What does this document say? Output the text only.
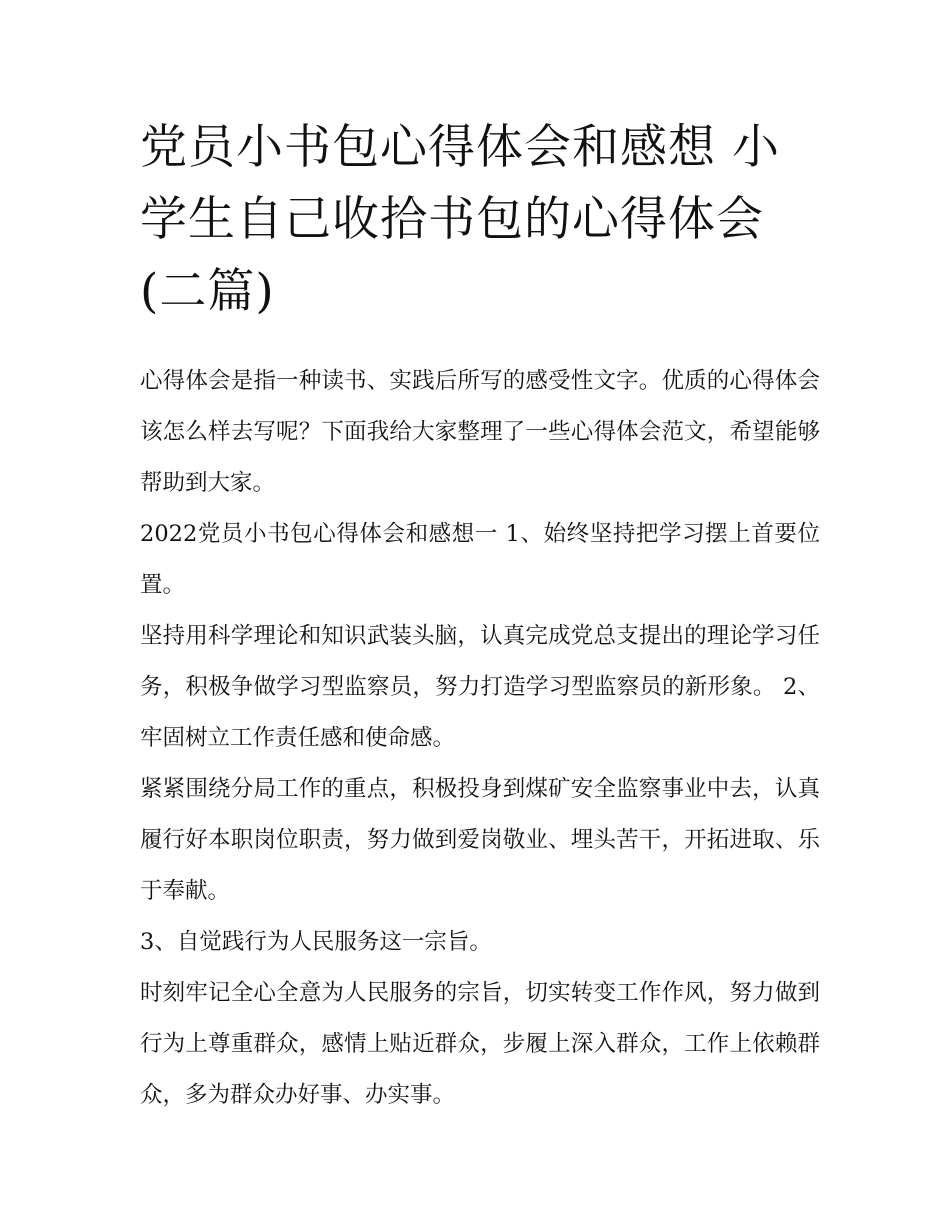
党员小书包心得体会和感想 小学生自己收拾书包的心得体会(二篇)

心得体会是指一种读书、实践后所写的感受性文字。优质的心得体会该怎么样去写呢？下面我给大家整理了一些心得体会范文，希望能够帮助到大家。

2022党员小书包心得体会和感想一 1、始终坚持把学习摆上首要位置。

坚持用科学理论和知识武装头脑，认真完成党总支提出的理论学习任务，积极争做学习型监察员，努力打造学习型监察员的新形象。 2、牢固树立工作责任感和使命感。

紧紧围绕分局工作的重点，积极投身到煤矿安全监察事业中去，认真履行好本职岗位职责，努力做到爱岗敬业、埋头苦干，开拓进取、乐于奉献。

3、自觉践行为人民服务这一宗旨。

时刻牢记全心全意为人民服务的宗旨，切实转变工作作风，努力做到行为上尊重群众，感情上贴近群众，步履上深入群众，工作上依赖群众，多为群众办好事、办实事。
